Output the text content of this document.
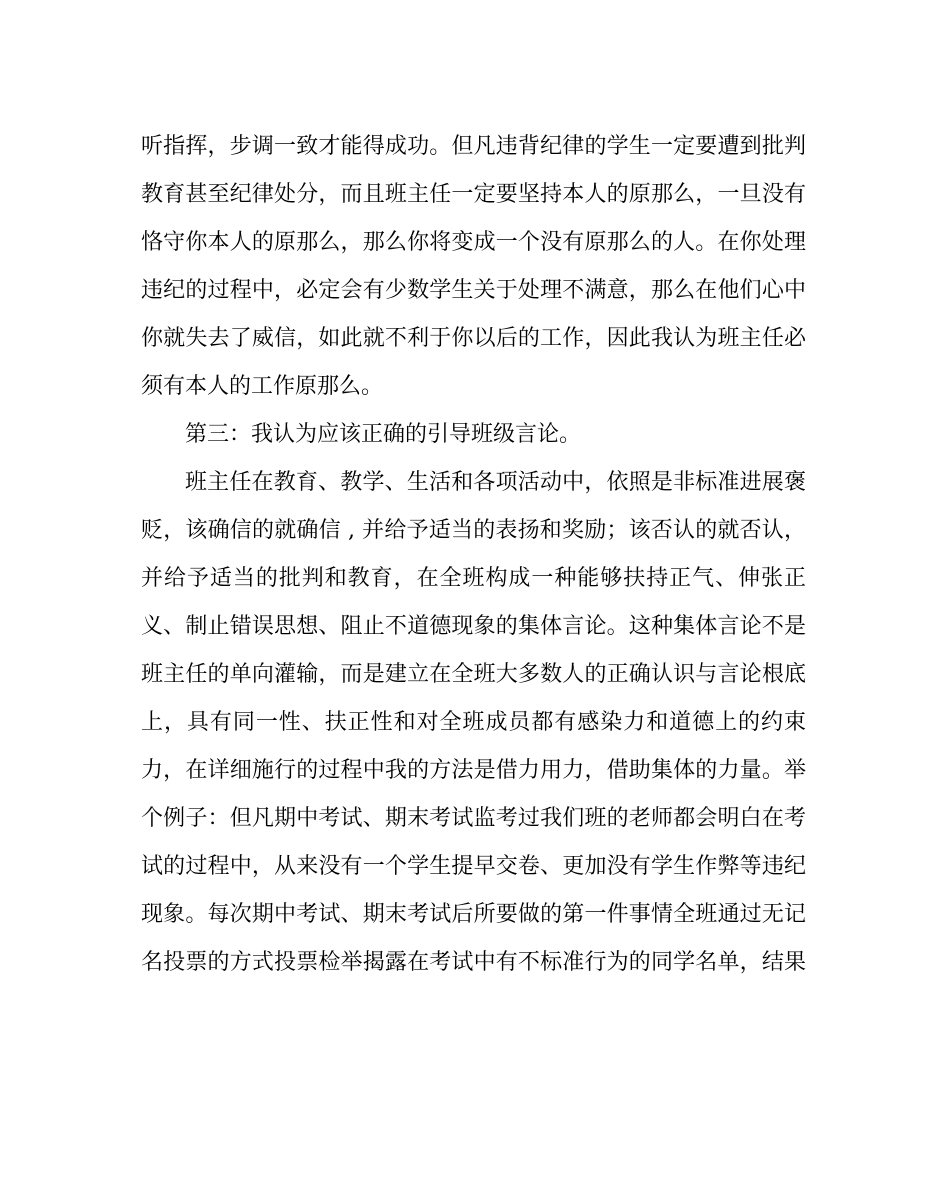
听指挥，步调一致才能得成功。但凡违背纪律的学生一定要遭到批判
教育甚至纪律处分，而且班主任一定要坚持本人的原那么，一旦没有
恪守你本人的原那么，那么你将变成一个没有原那么的人。在你处理
违纪的过程中，必定会有少数学生关于处理不满意，那么在他们心中
你就失去了威信，如此就不利于你以后的工作，因此我认为班主任必
须有本人的工作原那么。
第三：我认为应该正确的引导班级言论。
班主任在教育、教学、生活和各项活动中，依照是非标准进展褒
贬，该确信的就确信 , 并给予适当的表扬和奖励；该否认的就否认，
并给予适当的批判和教育，在全班构成一种能够扶持正气、伸张正
义、制止错误思想、阻止不道德现象的集体言论。这种集体言论不是
班主任的单向灌输，而是建立在全班大多数人的正确认识与言论根底
上，具有同一性、扶正性和对全班成员都有感染力和道德上的约束
力，在详细施行的过程中我的方法是借力用力，借助集体的力量。举
个例子：但凡期中考试、期末考试监考过我们班的老师都会明白在考
试的过程中，从来没有一个学生提早交卷、更加没有学生作弊等违纪
现象。每次期中考试、期末考试后所要做的第一件事情全班通过无记
名投票的方式投票检举揭露在考试中有不标准行为的同学名单，结果
